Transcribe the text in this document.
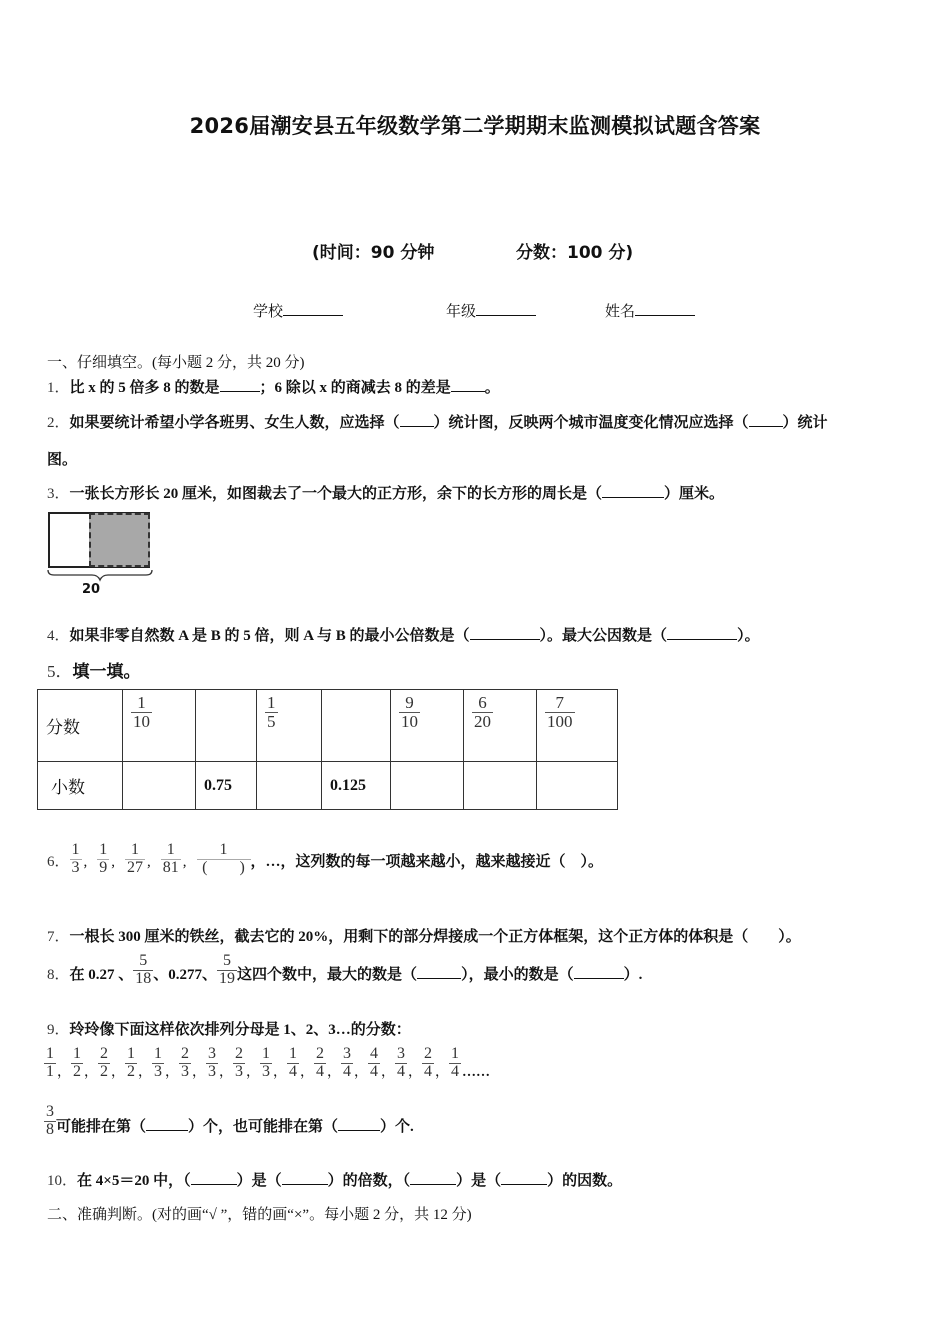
2026届潮安县五年级数学第二学期期末监测模拟试题含答案
(时间：90 分钟	分数：100 分)
学校	年级	姓名
一、仔细填空。(每小题 2 分，共 20 分)
1．比 x 的 5 倍多 8 的数是	；6 除以 x 的商减去 8 的差是 。
2．如果要统计希望小学各班男、女生人数，应选择（ ）统计图，反映两个城市温度变化情况应选择（ ）统计
图。
3．一张长方形长 20 厘米，如图裁去了一个最大的正方形，余下的长方形的周长是（	）厘米。
20
4．如果非零自然数 A 是 B 的 5 倍，则 A 与 B 的最小公倍数是（	）。最大公因数是（	）。
5．填一填。
分数	$\frac{1}{10}$		$\frac{1}{5}$		$\frac{9}{10}$	$\frac{6}{20}$	$\frac{7}{100}$

小数		0.75		0.125			
6． $\frac{1}{3}$ , $\frac{1}{9}$ , $\frac{1}{27}$ , $\frac{1}{81}$ , $\frac{1}{( )}$ ，…，这列数的每一项越来越小，越来越接近（　）。
7．一根长 300 厘米的铁丝，截去它的 20%，用剩下的部分焊接成一个正方体框架，这个正方体的体积是（　　）。
8． 在 0.27 、 $\frac{5}{18}$ 、0.277、 $\frac{5}{19}$ 这四个数中，最大的数是（	），最小的数是（	）.
9．玲玲像下面这样依次排列分母是 1、2、3…的分数：
$\frac{1}{1}$ ， $\frac{1}{2}$ ， $\frac{2}{2}$ ， $\frac{1}{2}$ ， $\frac{1}{3}$ ， $\frac{2}{3}$ ， $\frac{3}{3}$ ， $\frac{2}{3}$ ， $\frac{1}{3}$ ， $\frac{1}{4}$ ， $\frac{2}{4}$ ， $\frac{3}{4}$ ， $\frac{4}{4}$ ， $\frac{3}{4}$ ， $\frac{2}{4}$ ， $\frac{1}{4}$ ……
$\frac{3}{8}$ 可能排在第（	）个，也可能排在第（	）个.
10．在 4×5＝20 中，（	）是（	）的倍数，（	）是（	）的因数。
二、准确判断。(对的画“√ ”，错的画“×”。每小题 2 分，共 12 分)
